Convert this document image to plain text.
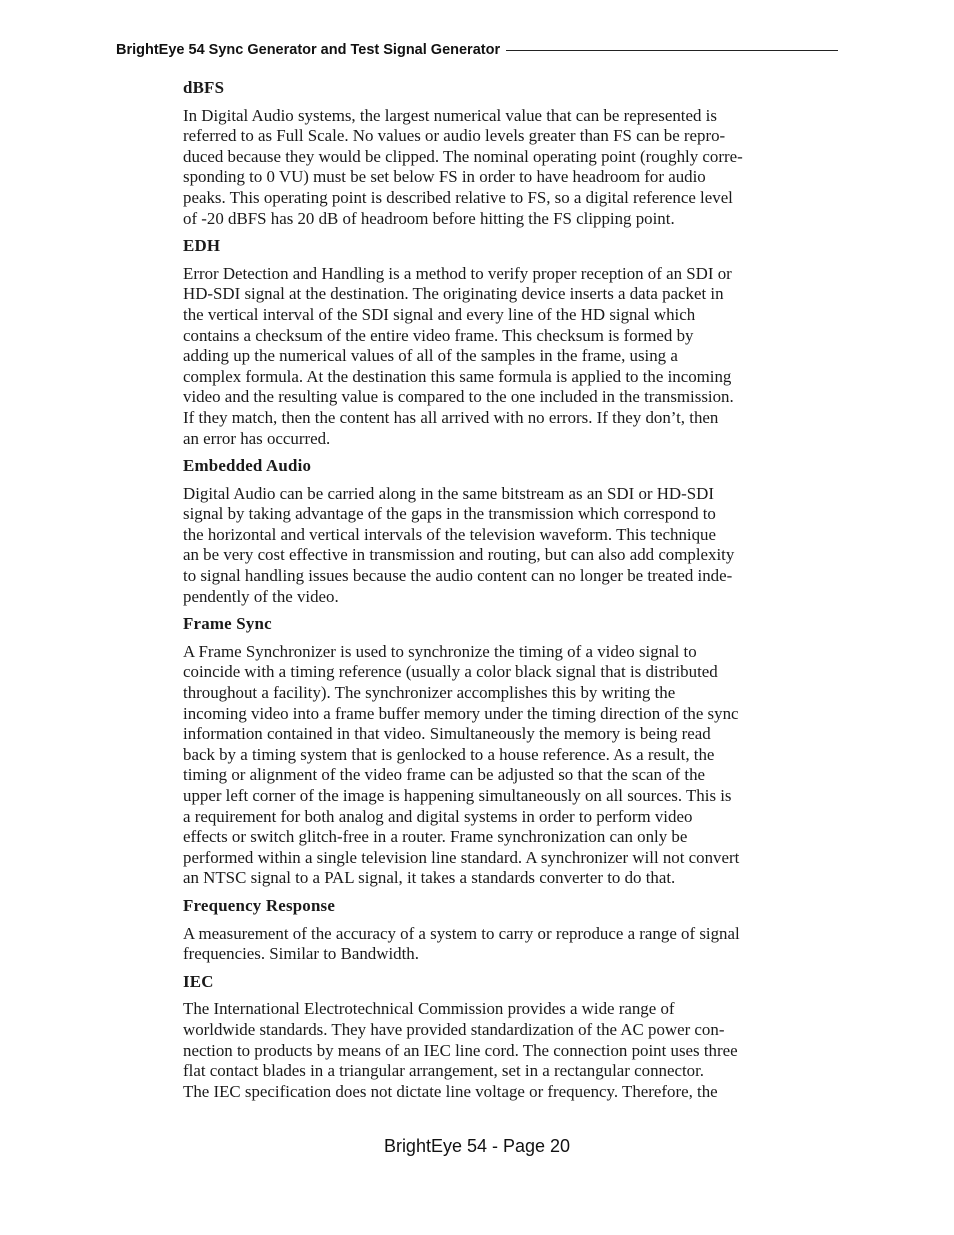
BrightEye 54 Sync Generator and Test Signal Generator
dBFS
In Digital Audio systems, the largest numerical value that can be represented is
referred to as Full Scale. No values or audio levels greater than FS can be repro-
duced because they would be clipped. The nominal operating point (roughly corre-
sponding to 0 VU) must be set below FS in order to have headroom for audio
peaks. This operating point is described relative to FS, so a digital reference level
of -20 dBFS has 20 dB of headroom before hitting the FS clipping point.
EDH
Error Detection and Handling is a method to verify proper reception of an SDI or
HD-SDI signal at the destination. The originating device inserts a data packet in
the vertical interval of the SDI signal and every line of the HD signal which
contains a checksum of the entire video frame. This checksum is formed by
adding up the numerical values of all of the samples in the frame, using a
complex formula. At the destination this same formula is applied to the incoming
video and the resulting value is compared to the one included in the transmission.
If they match, then the content has all arrived with no errors. If they don’t, then
an error has occurred.
Embedded Audio
Digital Audio can be carried along in the same bitstream as an SDI or HD-SDI
signal by taking advantage of the gaps in the transmission which correspond to
the horizontal and vertical intervals of the television waveform. This technique
an be very cost effective in transmission and routing, but can also add complexity
to signal handling issues because the audio content can no longer be treated inde-
pendently of the video.
Frame Sync
A Frame Synchronizer is used to synchronize the timing of a video signal to
coincide with a timing reference (usually a color black signal that is distributed
throughout a facility). The synchronizer accomplishes this by writing the
incoming video into a frame buffer memory under the timing direction of the sync
information contained in that video. Simultaneously the memory is being read
back by a timing system that is genlocked to a house reference. As a result, the
timing or alignment of the video frame can be adjusted so that the scan of the
upper left corner of the image is happening simultaneously on all sources. This is
a requirement for both analog and digital systems in order to perform video
effects or switch glitch-free in a router. Frame synchronization can only be
performed within a single television line standard. A synchronizer will not convert
an NTSC signal to a PAL signal, it takes a standards converter to do that.
Frequency Response
A measurement of the accuracy of a system to carry or reproduce a range of signal
frequencies. Similar to Bandwidth.
IEC
The International Electrotechnical Commission provides a wide range of
worldwide standards. They have provided standardization of the AC power con-
nection to products by means of an IEC line cord. The connection point uses three
flat contact blades in a triangular arrangement, set in a rectangular connector.
The IEC specification does not dictate line voltage or frequency. Therefore, the
BrightEye 54 - Page 20
